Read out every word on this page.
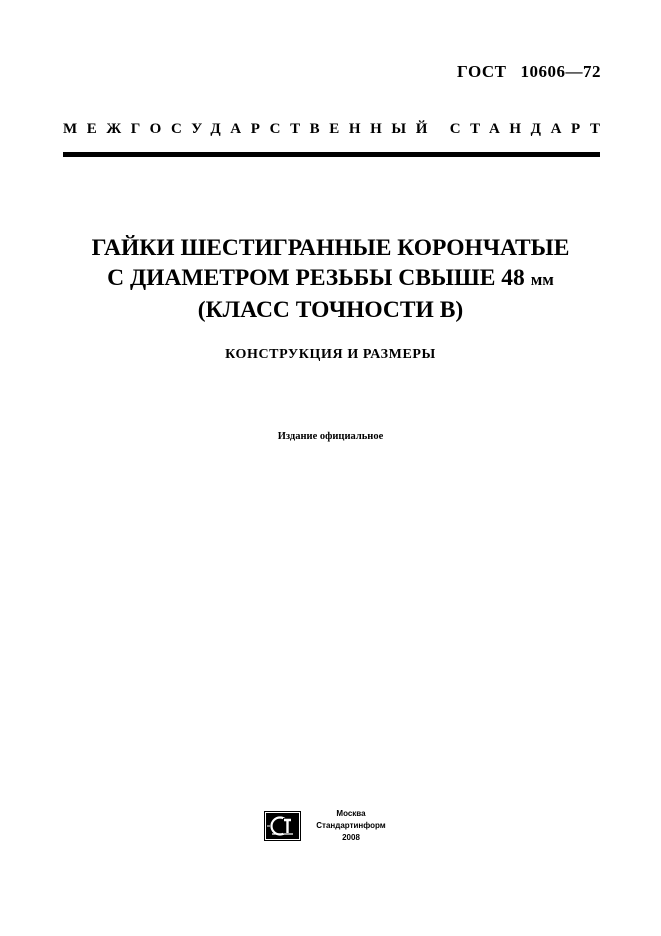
ГОСТ 10606—72
МЕЖГОСУДАРСТВЕННЫЙ СТАНДАРТ
ГАЙКИ ШЕСТИГРАННЫЕ КОРОНЧАТЫЕ
С ДИАМЕТРОМ РЕЗЬБЫ СВЫШЕ 48 мм
(КЛАСС ТОЧНОСТИ В)
КОНСТРУКЦИЯ И РАЗМЕРЫ
Издание официальное
Москва
Стандартинформ
2008
